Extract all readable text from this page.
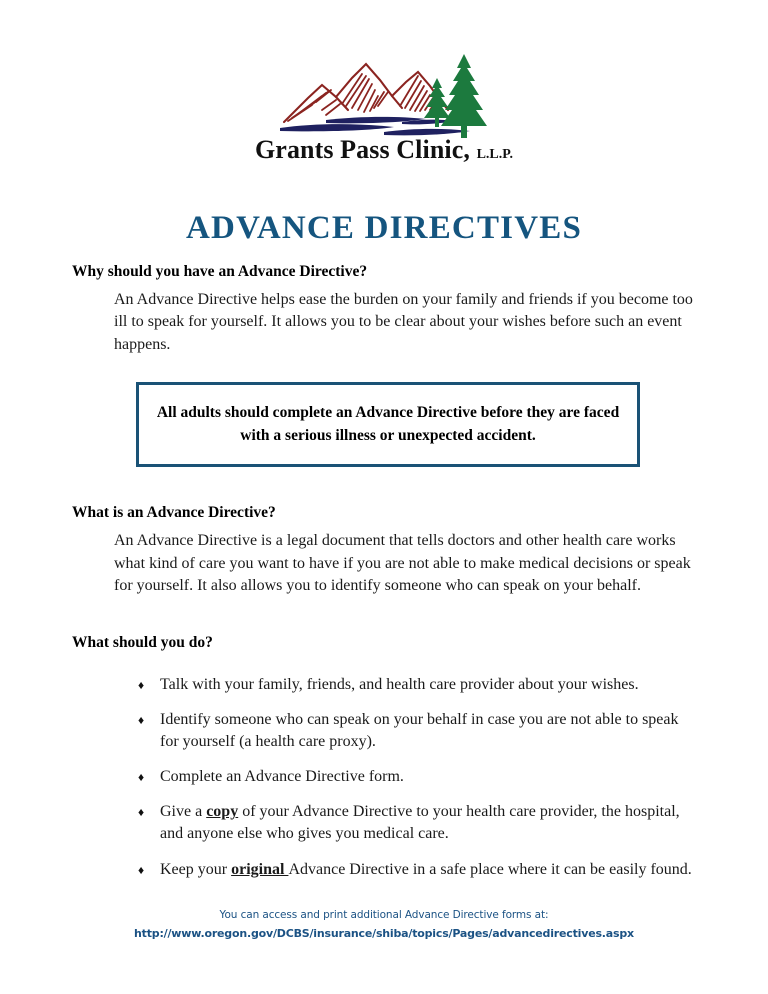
Grants Pass Clinic, L.L.P.
ADVANCE DIRECTIVES
Why should you have an Advance Directive?

An Advance Directive helps ease the burden on your family and friends if you become too ill to speak for yourself. It allows you to be clear about your wishes before such an event happens.

All adults should complete an Advance Directive before they are faced with a serious illness or unexpected accident.
What is an Advance Directive?

An Advance Directive is a legal document that tells doctors and other health care works what kind of care you want to have if you are not able to make medical decisions or speak for yourself. It also allows you to identify someone who can speak on your behalf.

What should you do?
♦ Talk with your family, friends, and health care provider about your wishes.
♦ Identify someone who can speak on your behalf in case you are not able to speak for yourself (a health care proxy).
♦ Complete an Advance Directive form.
♦ Give a copy of your Advance Directive to your health care provider, the hospital, and anyone else who gives you medical care.
♦ Keep your original Advance Directive in a safe place where it can be easily found.
You can access and print additional Advance Directive forms at:
http://www.oregon.gov/DCBS/insurance/shiba/topics/Pages/advancedirectives.aspx
